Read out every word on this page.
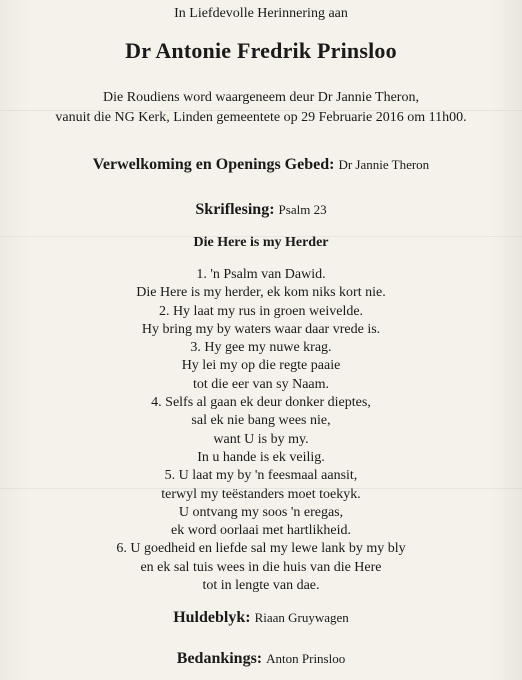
In Liefdevolle Herinnering aan
Dr Antonie Fredrik Prinsloo
Die Roudiens word waargeneem deur Dr Jannie Theron,
vanuit die NG Kerk, Linden gemeentete op 29 Februarie 2016 om 11h00.
Verwelkoming en Openings Gebed: Dr Jannie Theron
Skriflesing: Psalm 23
Die Here is my Herder
1. 'n Psalm van Dawid.
Die Here is my herder, ek kom niks kort nie.
2. Hy laat my rus in groen weivelde.
Hy bring my by waters waar daar vrede is.
3. Hy gee my nuwe krag.
Hy lei my op die regte paaie
tot die eer van sy Naam.
4. Selfs al gaan ek deur donker dieptes,
sal ek nie bang wees nie,
want U is by my.
In u hande is ek veilig.
5. U laat my by 'n feesmaal aansit,
terwyl my teëstanders moet toekyk.
U ontvang my soos 'n eregas,
ek word oorlaai met hartlikheid.
6. U goedheid en liefde sal my lewe lank by my bly
en ek sal tuis wees in die huis van die Here
tot in lengte van dae.
Huldeblyk: Riaan Gruywagen
Bedankings: Anton Prinsloo
